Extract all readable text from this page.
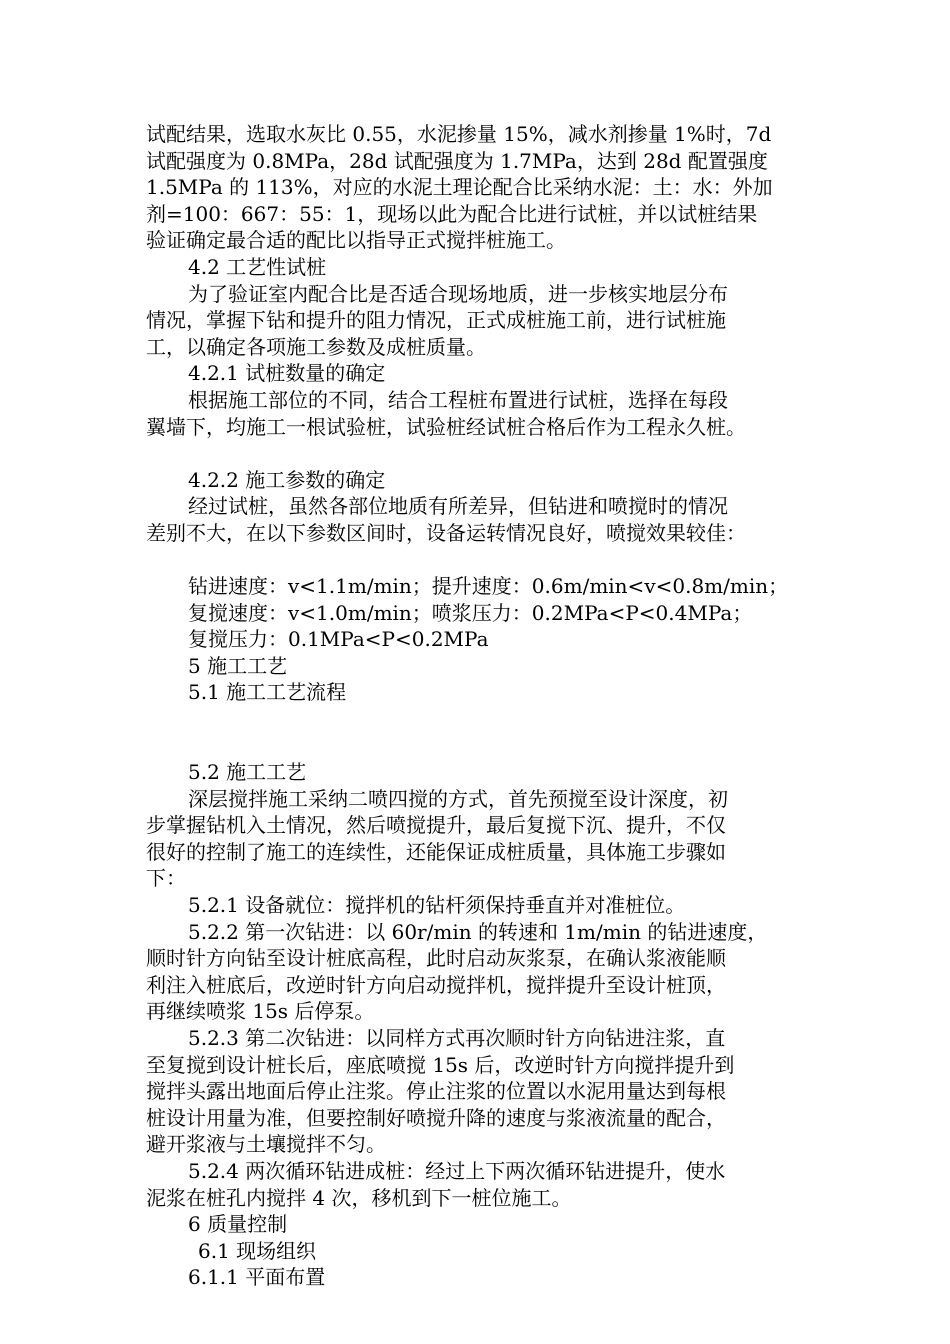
试配结果，选取水灰比 0.55，水泥掺量 15%，减水剂掺量 1%时，7d
试配强度为 0.8MPa，28d 试配强度为 1.7MPa，达到 28d 配置强度
1.5MPa 的 113%，对应的水泥土理论配合比采纳水泥：土：水：外加
剂=100：667：55：1，现场以此为配合比进行试桩，并以试桩结果
验证确定最合适的配比以指导正式搅拌桩施工。
4.2 工艺性试桩
为了验证室内配合比是否适合现场地质，进一步核实地层分布
情况，掌握下钻和提升的阻力情况，正式成桩施工前，进行试桩施
工，以确定各项施工参数及成桩质量。
4.2.1 试桩数量的确定
根据施工部位的不同，结合工程桩布置进行试桩，选择在每段
翼墙下，均施工一根试验桩，试验桩经试桩合格后作为工程永久桩。
4.2.2 施工参数的确定
经过试桩，虽然各部位地质有所差异，但钻进和喷搅时的情况
差别不大，在以下参数区间时，设备运转情况良好，喷搅效果较佳：
钻进速度：v<1.1m/min；提升速度：0.6m/min<v<0.8m/min；
复搅速度：v<1.0m/min；喷浆压力：0.2MPa<P<0.4MPa；
复搅压力：0.1MPa<P<0.2MPa
5 施工工艺
5.1 施工工艺流程
5.2 施工工艺
深层搅拌施工采纳二喷四搅的方式，首先预搅至设计深度，初
步掌握钻机入土情况，然后喷搅提升，最后复搅下沉、提升，不仅
很好的控制了施工的连续性，还能保证成桩质量，具体施工步骤如
下：
5.2.1 设备就位：搅拌机的钻杆须保持垂直并对准桩位。
5.2.2 第一次钻进：以 60r/min 的转速和 1m/min 的钻进速度，
顺时针方向钻至设计桩底高程，此时启动灰浆泵，在确认浆液能顺
利注入桩底后，改逆时针方向启动搅拌机，搅拌提升至设计桩顶，
再继续喷浆 15s 后停泵。
5.2.3 第二次钻进：以同样方式再次顺时针方向钻进注浆，直
至复搅到设计桩长后，座底喷搅 15s 后，改逆时针方向搅拌提升到
搅拌头露出地面后停止注浆。停止注浆的位置以水泥用量达到每根
桩设计用量为准，但要控制好喷搅升降的速度与浆液流量的配合，
避开浆液与土壤搅拌不匀。
5.2.4 两次循环钻进成桩：经过上下两次循环钻进提升，使水
泥浆在桩孔内搅拌 4 次，移机到下一桩位施工。
6 质量控制
6.1 现场组织
6.1.1 平面布置
